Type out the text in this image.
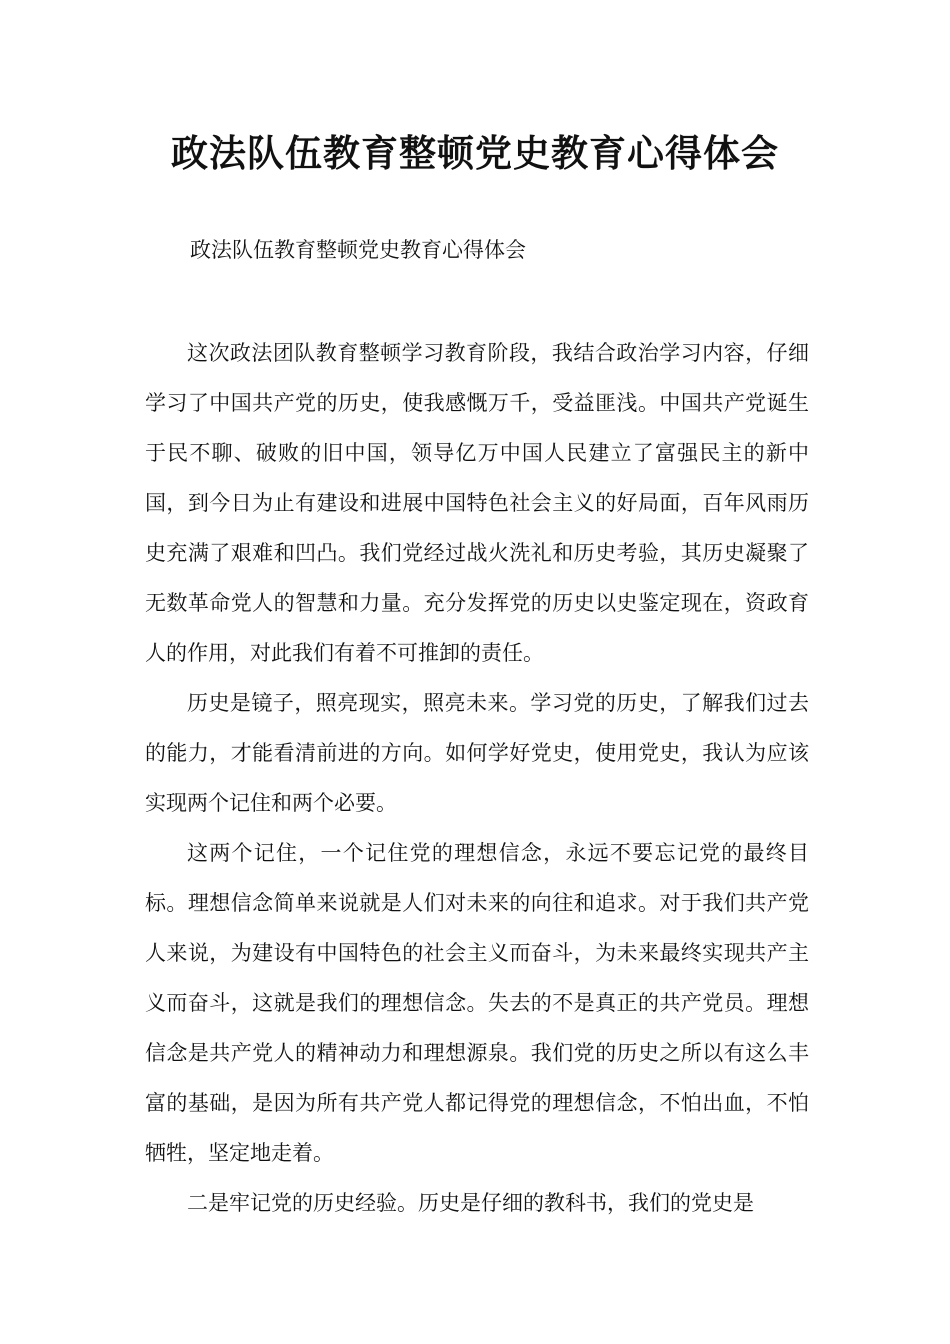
政法队伍教育整顿党史教育心得体会

政法队伍教育整顿党史教育心得体会

这次政法团队教育整顿学习教育阶段，我结合政治学习内容，仔细学习了中国共产党的历史，使我感慨万千，受益匪浅。中国共产党诞生于民不聊、破败的旧中国，领导亿万中国人民建立了富强民主的新中国，到今日为止有建设和进展中国特色社会主义的好局面，百年风雨历史充满了艰难和凹凸。我们党经过战火洗礼和历史考验，其历史凝聚了无数革命党人的智慧和力量。充分发挥党的历史以史鉴定现在，资政育人的作用，对此我们有着不可推卸的责任。

历史是镜子，照亮现实，照亮未来。学习党的历史，了解我们过去的能力，才能看清前进的方向。如何学好党史，使用党史，我认为应该实现两个记住和两个必要。

这两个记住，一个记住党的理想信念，永远不要忘记党的最终目标。理想信念简单来说就是人们对未来的向往和追求。对于我们共产党人来说，为建设有中国特色的社会主义而奋斗，为未来最终实现共产主义而奋斗，这就是我们的理想信念。失去的不是真正的共产党员。理想信念是共产党人的精神动力和理想源泉。我们党的历史之所以有这么丰富的基础，是因为所有共产党人都记得党的理想信念，不怕出血，不怕牺牲，坚定地走着。

二是牢记党的历史经验。历史是仔细的教科书，我们的党史是
